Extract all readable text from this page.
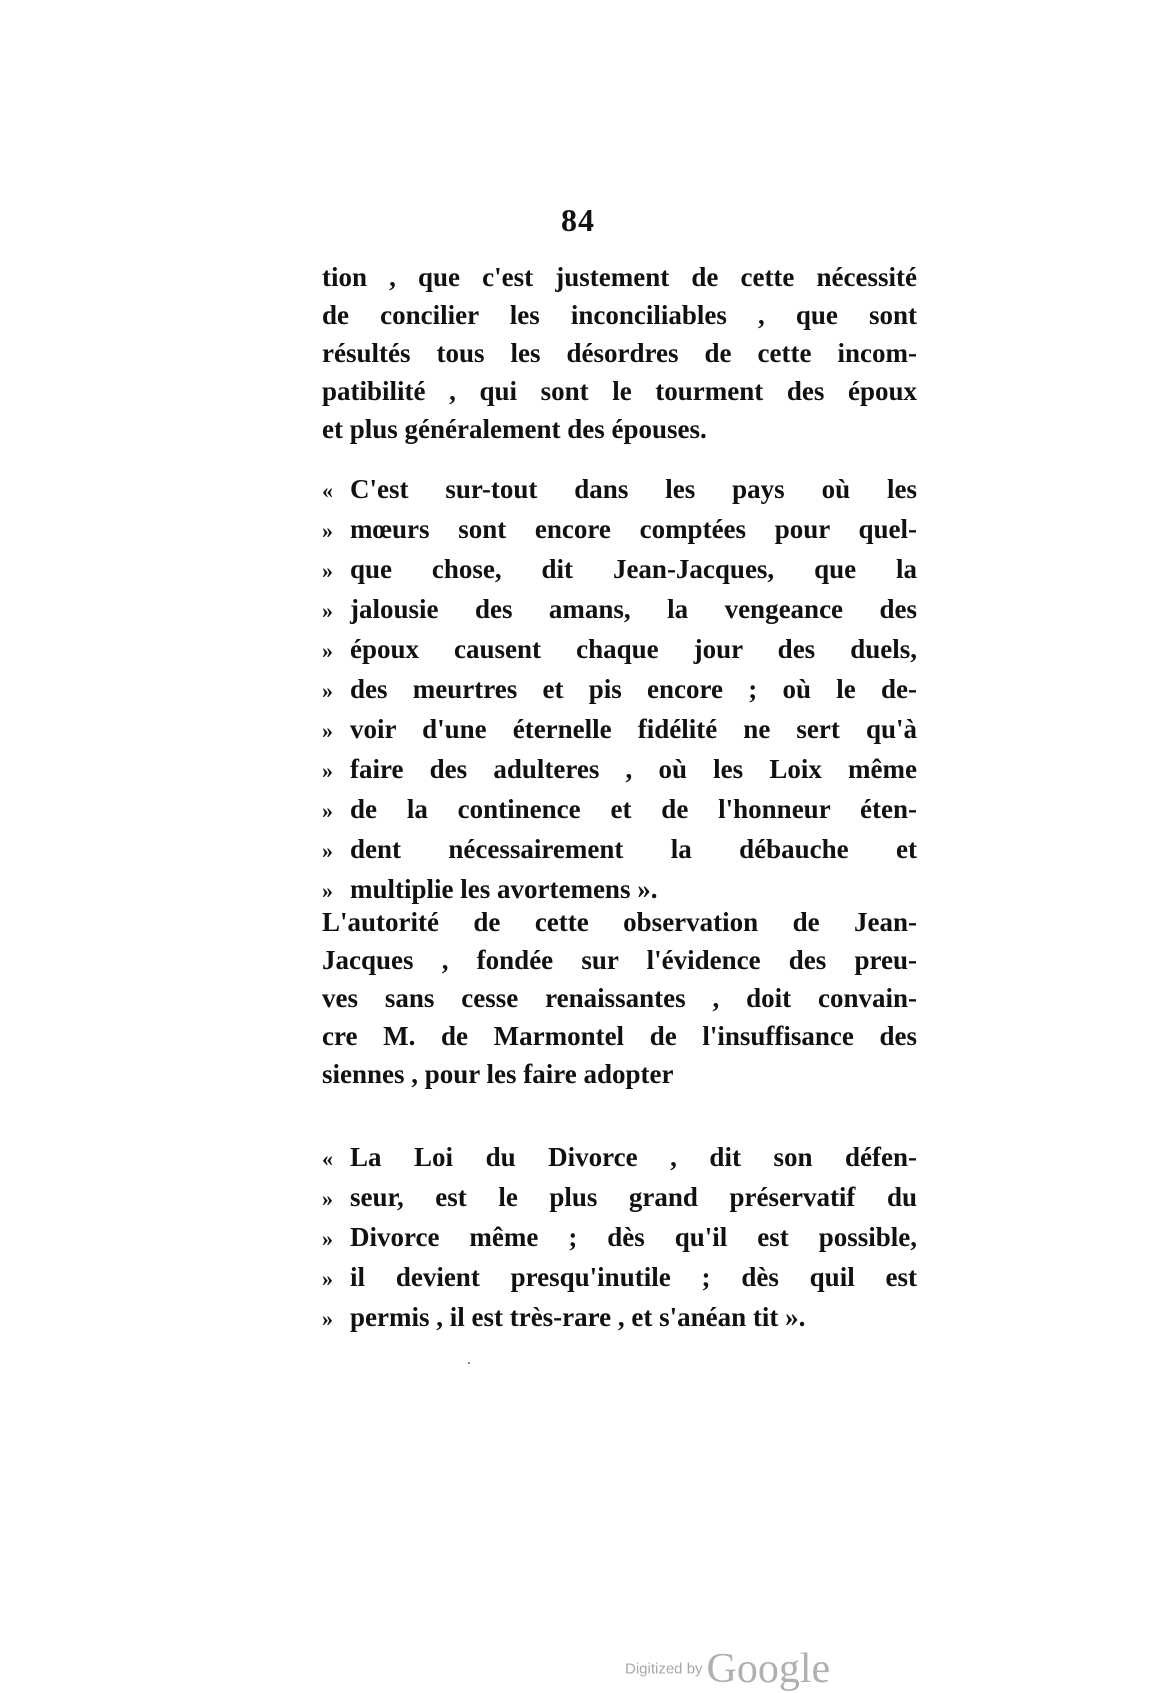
84
tion , que c'est justement de cette nécessité
de concilier les inconciliables , que sont
résultés tous les désordres de cette incom-
patibilité , qui sont le tourment des époux
et plus généralement des épouses.
« C'est sur-tout dans les pays où les
» mœurs sont encore comptées pour quel-
» que chose, dit Jean-Jacques, que la
» jalousie des amans, la vengeance des
» époux causent chaque jour des duels,
» des meurtres et pis encore ; où le de-
» voir d'une éternelle fidélité ne sert qu'à
» faire des adulteres , où les Loix même
» de la continence et de l'honneur éten-
» dent nécessairement la débauche et
» multiplie les avortemens ».
L'autorité de cette observation de Jean-
Jacques , fondée sur l'évidence des preu-
ves sans cesse renaissantes , doit convain-
cre M. de Marmontel de l'insuffisance des
siennes , pour les faire adopter
« La Loi du Divorce , dit son défen-
» seur, est le plus grand préservatif du
» Divorce même ; dès qu'il est possible,
» il devient presqu'inutile ; dès quil est
» permis , il est très-rare , et s'anéan tit ».
Digitized byGoogle
